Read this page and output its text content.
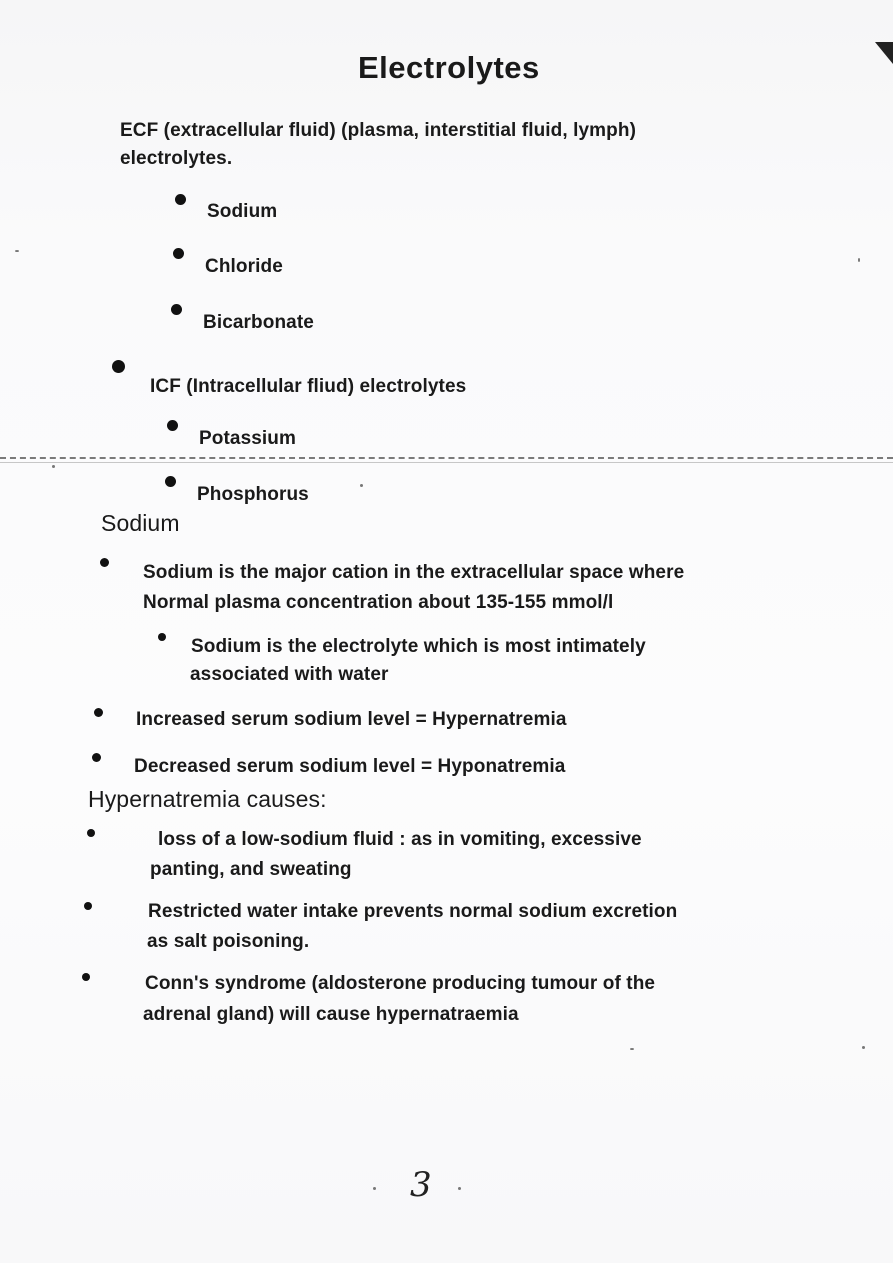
Electrolytes
ECF (extracellular fluid) (plasma, interstitial fluid, lymph)
electrolytes.
Sodium
Chloride
Bicarbonate
ICF (Intracellular fliud) electrolytes
Potassium
Phosphorus
Sodium
Sodium is the major cation in the extracellular space where
Normal plasma concentration about 135-155 mmol/l
Sodium is the electrolyte which is most intimately
associated with water
Increased serum sodium level = Hypernatremia
Decreased serum sodium level = Hyponatremia
Hypernatremia causes:
loss of a low-sodium fluid : as in vomiting, excessive
panting, and sweating
Restricted water intake prevents normal sodium excretion
as salt poisoning.
Conn's syndrome (aldosterone producing tumour of the
adrenal gland) will cause hypernatraemia
3
